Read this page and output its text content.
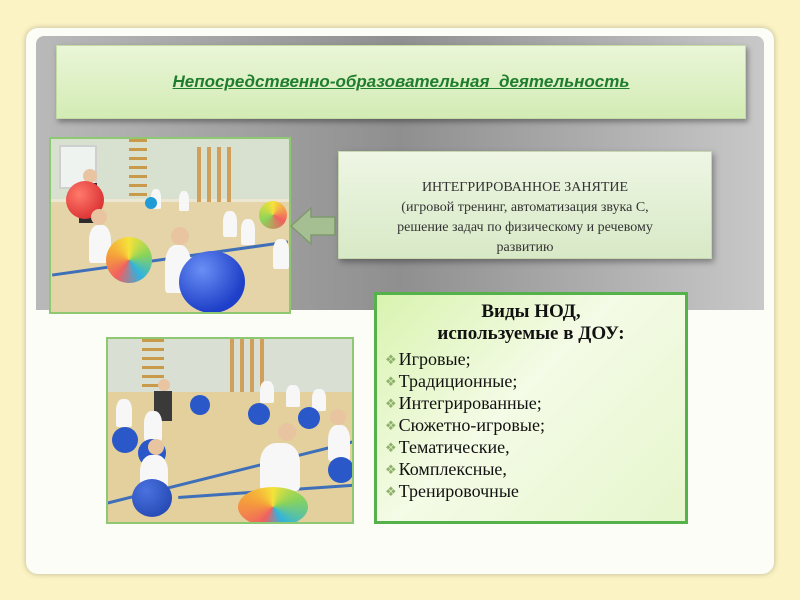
Непосредственно-образовательная  деятельность
ИНТЕГРИРОВАННОЕ ЗАНЯТИЕ
(игровой тренинг, автоматизация звука С,
решение задач по физическому и речевому
развитию
Виды НОД,
используемые в ДОУ:
❖ Игровые;
❖ Традиционные;
❖ Интегрированные;
❖ Сюжетно-игровые;
❖ Тематические,
❖ Комплексные,
❖ Тренировочные
